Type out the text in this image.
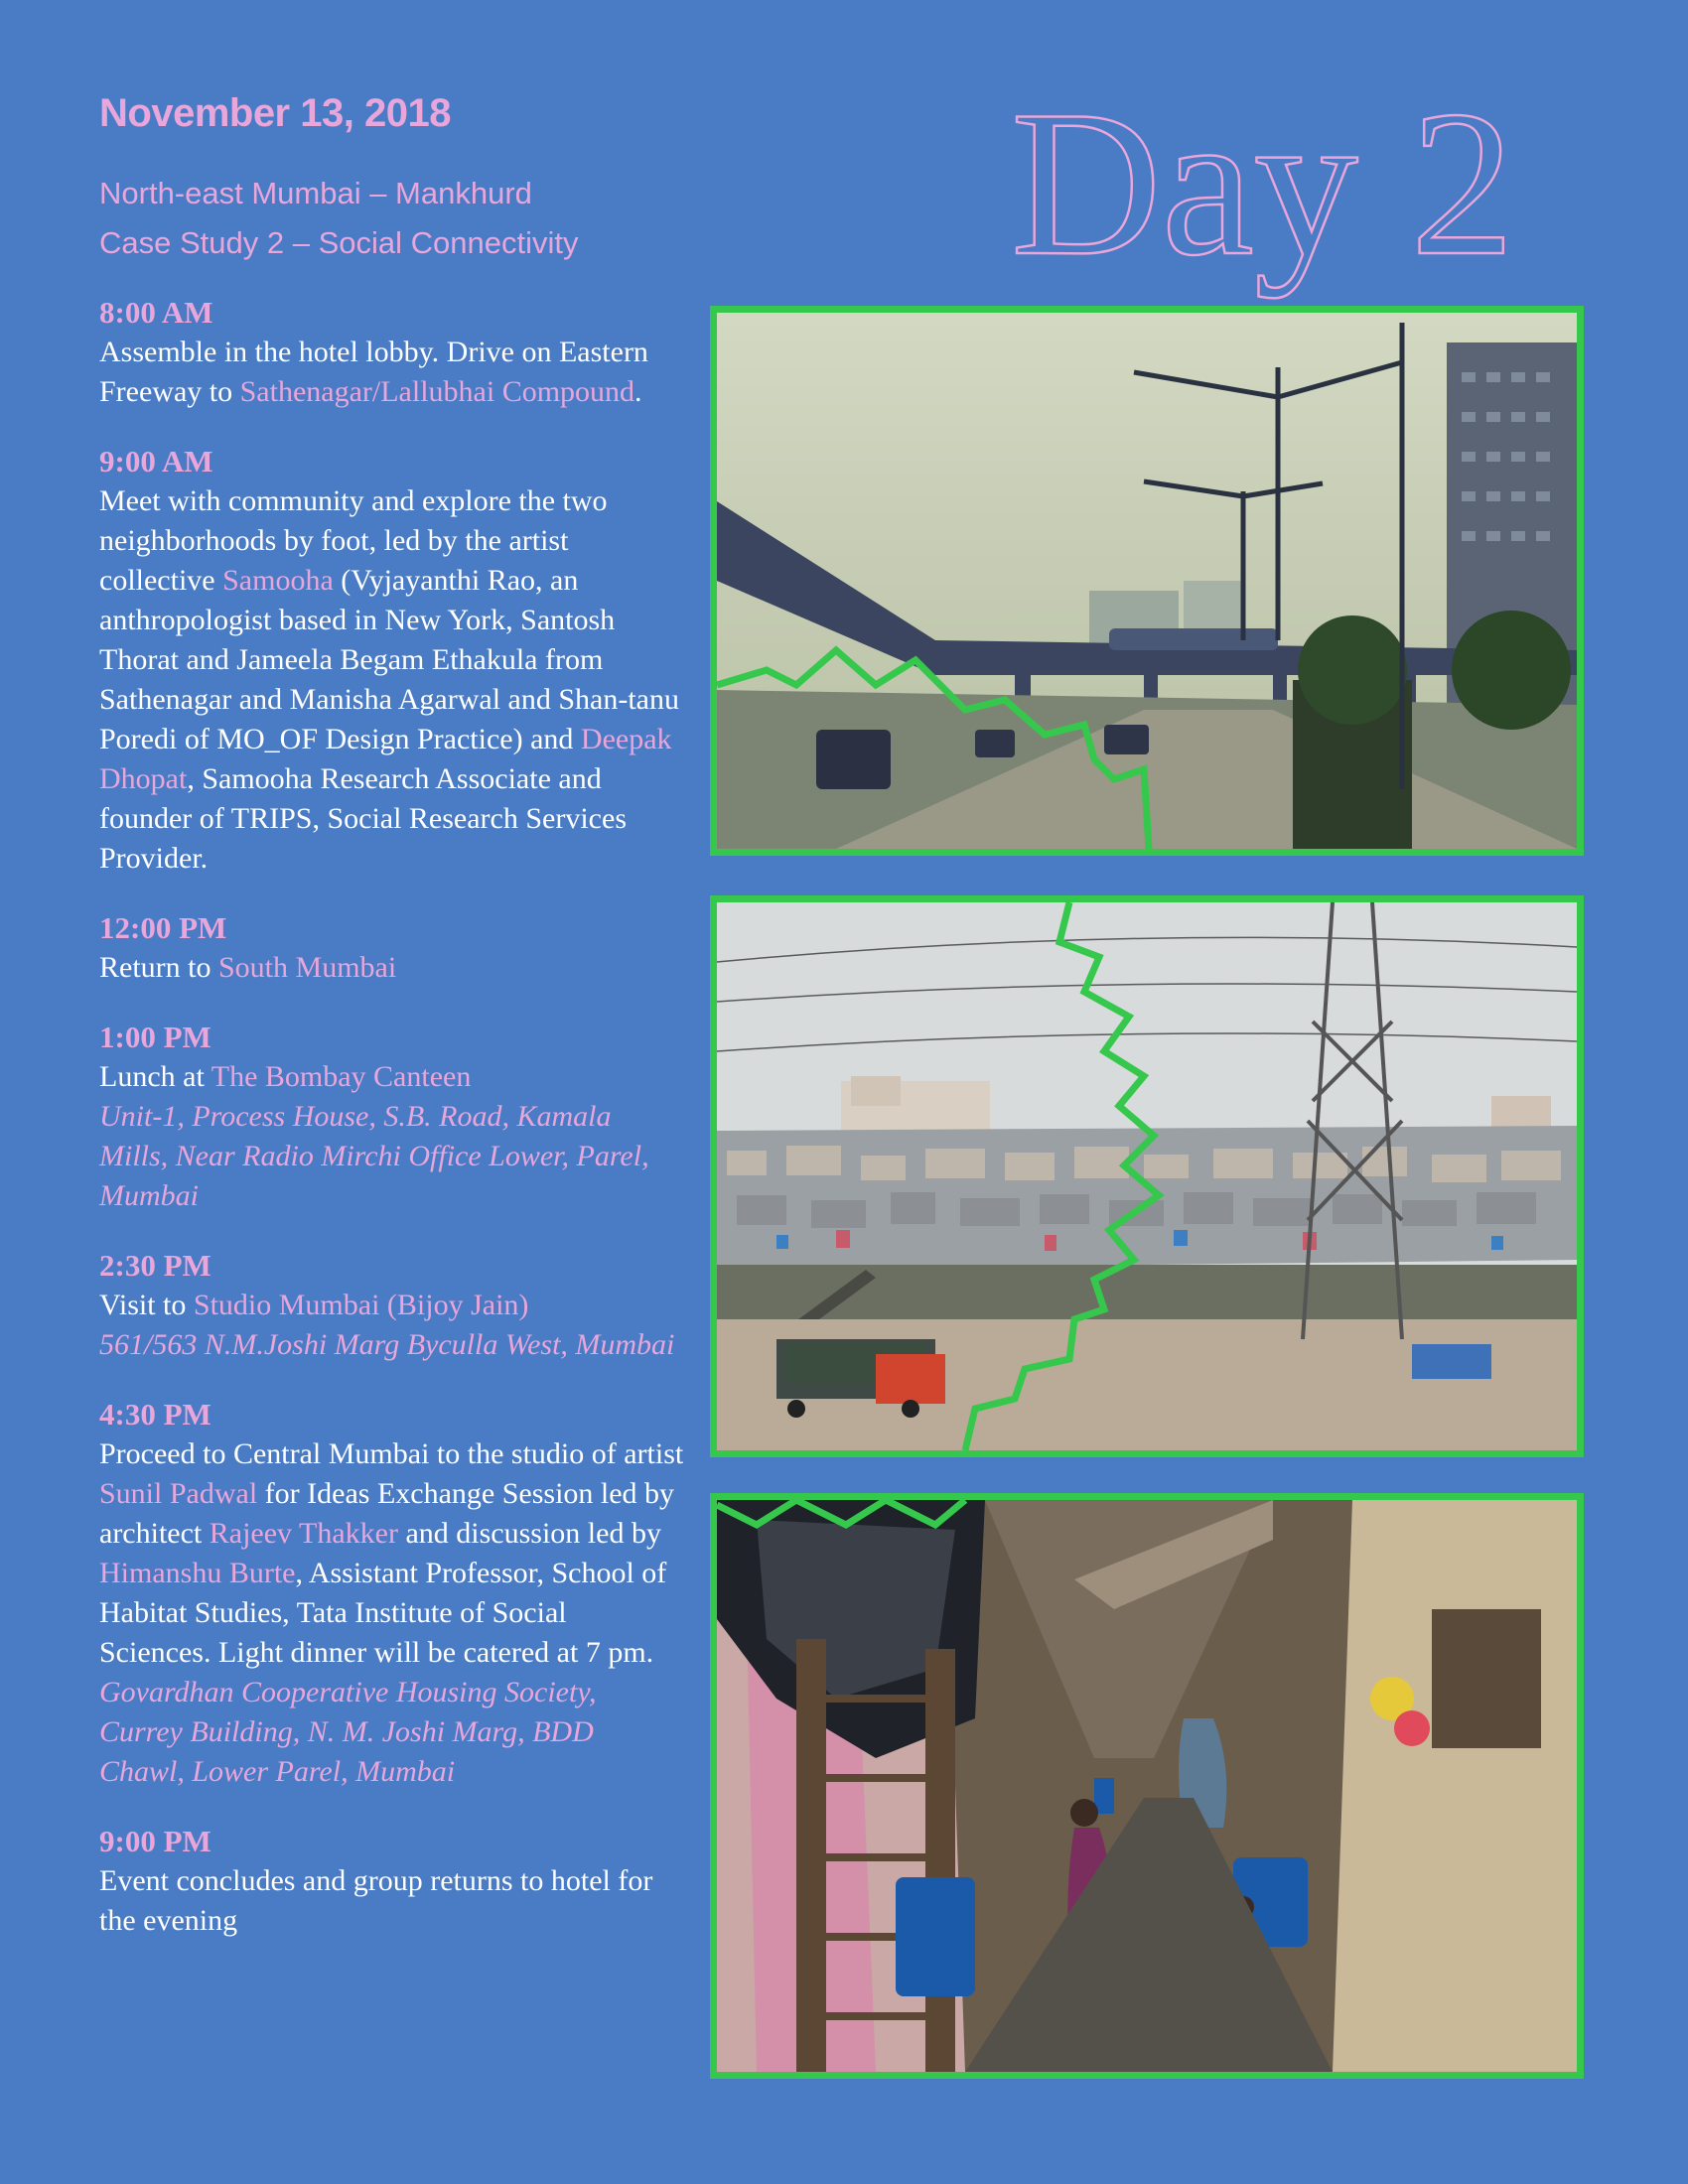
November 13, 2018
North-east Mumbai – Mankhurd
Case Study 2 – Social Connectivity Day 2
8:00 AM
Assemble in the hotel lobby. Drive on Eastern Freeway to Sathenagar/Lallubhai Compound.
9:00 AM
Meet with community and explore the two neighborhoods by foot, led by the artist collective Samooha (Vyjayanthi Rao, an anthropologist based in New York, Santosh Thorat and Jameela Begam Ethakula from Sathenagar and Manisha Agarwal and Shan-tanu Poredi of MO_OF Design Practice) and Deepak Dhopat, Samooha Research Associate and founder of TRIPS, Social Research Services Provider.
12:00 PM
Return to South Mumbai
1:00 PM
Lunch at The Bombay Canteen
Unit-1, Process House, S.B. Road, Kamala Mills, Near Radio Mirchi Office Lower, Parel, Mumbai
2:30 PM
Visit to Studio Mumbai (Bijoy Jain)
561/563 N.M.Joshi Marg Byculla West, Mumbai
4:30 PM
Proceed to Central Mumbai to the studio of artist Sunil Padwal for Ideas Exchange Session led by architect Rajeev Thakker and discussion led by Himanshu Burte, Assistant Professor, School of Habitat Studies, Tata Institute of Social Sciences. Light dinner will be catered at 7 pm.
Govardhan Cooperative Housing Society, Currey Building, N. M. Joshi Marg, BDD Chawl, Lower Parel, Mumbai
9:00 PM
Event concludes and group returns to hotel for the evening
